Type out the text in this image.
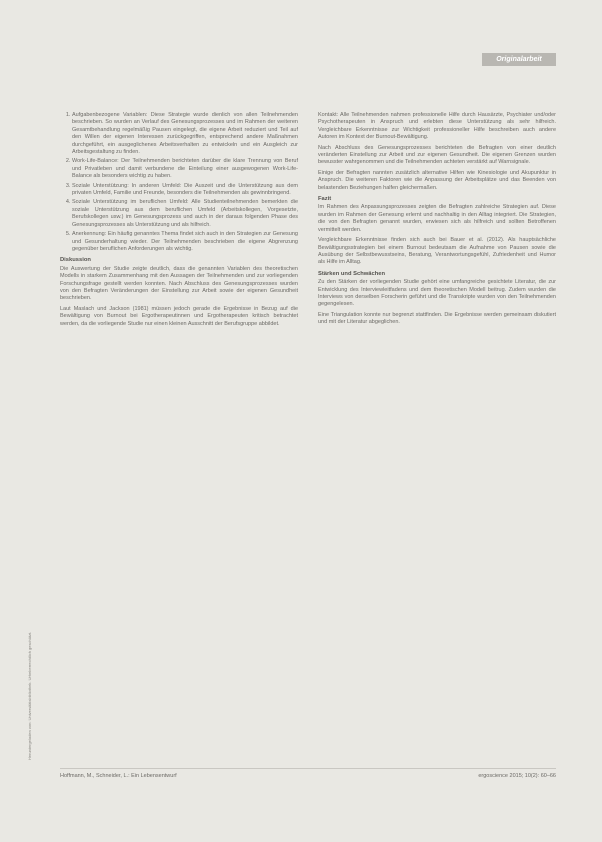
Originalarbeit
Heruntergeladen von: Universitätsbibliothek. Urheberrechtlich geschützt.
1. Aufgabenbezogene Variablen: Diese Strategie wurde dienlich von allen Teilnehmenden beschrieben. So wurden an Verlauf des Genesungsprozesses und im Rahmen der weiteren Gesamtbehandlung regelmäßig Pausen eingelegt, die eigene Arbeit reduziert und Teil auf den Willen der eigenen Interessen zurückgegriffen, entsprechend andere Maßnahmen durchgeführt, ein ausgeglichenes Arbeitsverhalten zu entwickeln und ein Ausgleich zur Arbeitsgestaltung zu finden.
2. Work-Life-Balance: Der Teilnehmenden berichteten darüber die klare Trennung von Beruf und Privatleben und damit verbundene die Einteilung einer ausgewogenen Work-Life-Balance als besonders wichtig zu haben.
3. Soziale Unterstützung: In anderen Umfeld: Die Auszeit und die Unterstützung aus dem privaten Umfeld, Familie und Freunde, besonders die Teilnehmenden als gewinnbringend.
4. Soziale Unterstützung im beruflichen Umfeld: Alle Studienteilnehmenden bemerkten die soziale Unterstützung aus dem beruflichen Umfeld (Arbeitskollegen, Vorgesetzte, Berufskollegen usw.) im Genesungsprozess und auch in der daraus folgenden Phase des Genesungsprozesses als Unterstützung und als hilfreich.
5. Anerkennung: Ein häufig genanntes Thema findet sich auch in den Strategien zur Genesung und Gesunderhaltung wieder. Der Teilnehmenden beschrieben die eigene Abgrenzung gegenüber beruflichen Anforderungen als wichtig.
Diskussion

Die Auswertung der Studie zeigte deutlich, dass die genannten Variablen des theoretischen Modells in starkem Zusammenhang mit den Aussagen der Teilnehmenden und zur vorliegenden Forschungsfrage gestellt werden konnten. Nach Abschluss des Genesungsprozesses wurden von den Befragten Veränderungen der Einstellung zur Arbeit sowie der eigenen Gesundheit beschrieben.

Laut Maslach und Jackson (1981) müssen jedoch gerade die Ergebnisse in Bezug auf die Bewältigung von Burnout bei Ergotherapeutinnen und Ergotherapeuten kritisch betrachtet werden, da die vorliegende Studie nur einen kleinen Ausschnitt der Berufsgruppe abbildet.

Kontakt: Alle Teilnehmenden nahmen professionelle Hilfe durch Hausärzte, Psychiater und/oder Psychotherapeuten in Anspruch und erlebten diese Unterstützung als sehr hilfreich. Vergleichbare Erkenntnisse zur Wichtigkeit professioneller Hilfe beschreiben auch andere Autoren im Kontext der Burnout-Bewältigung.

Nach Abschluss des Genesungsprozesses berichteten die Befragten von einer deutlich veränderten Einstellung zur Arbeit und zur eigenen Gesundheit. Die eigenen Grenzen wurden bewusster wahrgenommen und die Teilnehmenden achteten verstärkt auf Warnsignale.

Einige der Befragten nannten zusätzlich alternative Hilfen wie Kinesiologie und Akupunktur in Anspruch. Die weiteren Faktoren wie die Anpassung der Arbeitsplätze und das Beenden von belastenden Beziehungen halfen gleichermaßen.

Fazit

Im Rahmen des Anpassungsprozesses zeigten die Befragten zahlreiche Strategien auf. Diese wurden im Rahmen der Genesung erlernt und nachhaltig in den Alltag integriert. Die Strategien, die von den Befragten genannt wurden, erwiesen sich als hilfreich und sollten Betroffenen vermittelt werden.

Vergleichbare Erkenntnisse finden sich auch bei Bauer et al. (2012). Als hauptsächliche Bewältigungsstrategien bei einem Burnout bedeutsam die Aufnahme von Pausen sowie die Ausübung der Selbstbewusstseins, Beratung, Verantwortungsgefühl, Zufriedenheit und Humor als Hilfe im Alltag.

Stärken und Schwächen

Zu den Stärken der vorliegenden Studie gehört eine umfangreiche gesichtete Literatur, die zur Entwicklung des Interviewleitfadens und dem theoretischen Modell beitrug. Zudem wurden die Interviews von derselben Forscherin geführt und die Transkripte wurden von den Teilnehmenden gegengelesen.

Eine Triangulation konnte nur begrenzt stattfinden. Die Ergebnisse werden gemeinsam diskutiert und mit der Literatur abgeglichen.

Hoffmann, M., Schneider, L.: Ein Lebensentwurf	ergoscience 2015; 10(2): 60–66
